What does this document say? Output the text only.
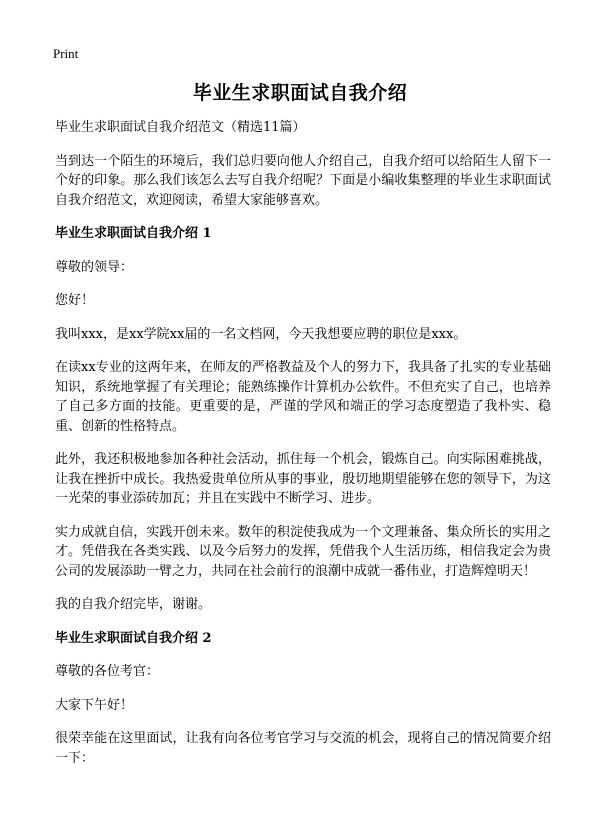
Print
毕业生求职面试自我介绍

毕业生求职面试自我介绍范文（精选11篇）

当到达一个陌生的环境后，我们总归要向他人介绍自己，自我介绍可以给陌生人留下一个好的印象。那么我们该怎么去写自我介绍呢？下面是小编收集整理的毕业生求职面试自我介绍范文，欢迎阅读，希望大家能够喜欢。

毕业生求职面试自我介绍 1

尊敬的领导：

您好！

我叫xxx，是xx学院xx届的一名文档网，今天我想要应聘的职位是xxx。

在读xx专业的这两年来，在师友的严格教益及个人的努力下，我具备了扎实的专业基础知识，系统地掌握了有关理论；能熟练操作计算机办公软件。不但充实了自己，也培养了自己多方面的技能。更重要的是，严谨的学风和端正的学习态度塑造了我朴实、稳重、创新的性格特点。

此外，我还积极地参加各种社会活动，抓住每一个机会，锻炼自己。向实际困难挑战，让我在挫折中成长。我热爱贵单位所从事的事业，殷切地期望能够在您的领导下，为这一光荣的事业添砖加瓦；并且在实践中不断学习、进步。

实力成就自信，实践开创未来。数年的积淀使我成为一个文理兼备、集众所长的实用之才。凭借我在各类实践、以及今后努力的发挥，凭借我个人生活历练，相信我定会为贵公司的发展添助一臂之力，共同在社会前行的浪潮中成就一番伟业，打造辉煌明天！

我的自我介绍完毕，谢谢。

毕业生求职面试自我介绍 2

尊敬的各位考官：

大家下午好！

很荣幸能在这里面试，让我有向各位考官学习与交流的机会，现将自己的情况简要介绍一下：
